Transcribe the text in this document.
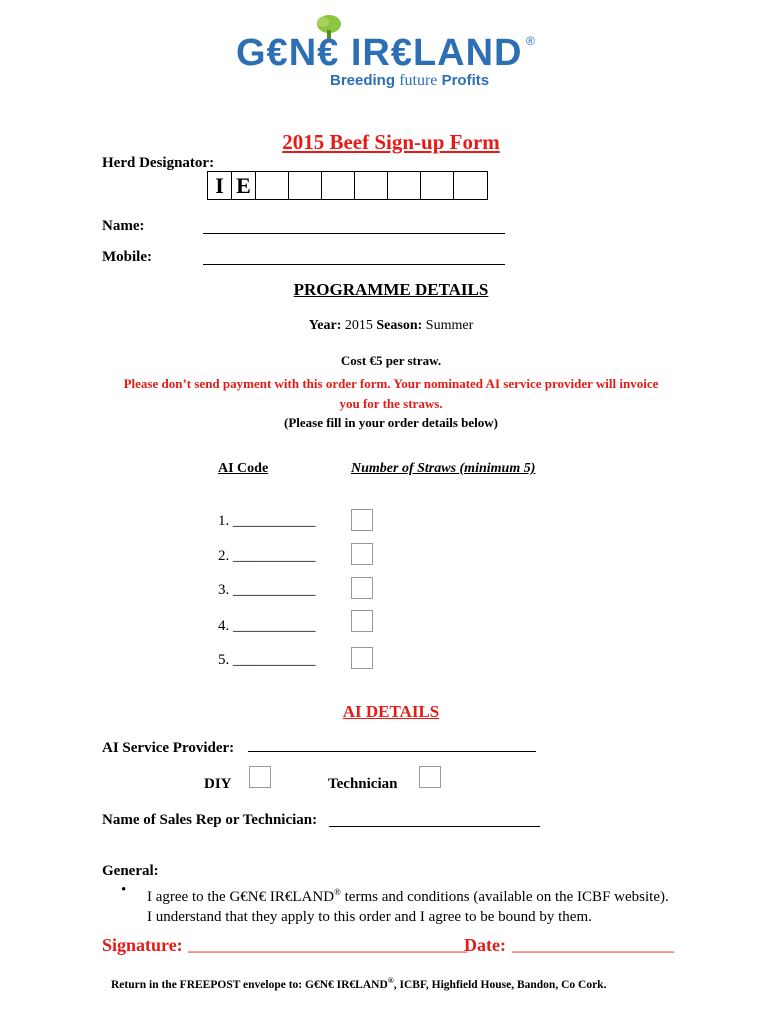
G€N€ IR€LAND ®
Breeding future Profits
2015 Beef Sign-up Form
Herd Designator:
I E
Name:
Mobile:
PROGRAMME DETAILS
Year: 2015 Season: Summer
Cost €5 per straw.
Please don’t send payment with this order form. Your nominated AI service provider will invoice
you for the straws.
(Please fill in your order details below)
AI Code	Number of Straws (minimum 5)
1. ___________
2. ___________
3. ___________
4. ___________
5. ___________
AI DETAILS
AI Service Provider:
DIY	Technician
Name of Sales Rep or Technician:
General:
• I agree to the G€N€ IR€LAND® terms and conditions (available on the ICBF website).
I understand that they apply to this order and I agree to be bound by them.
Signature: _______________________________
Date: __________________
Return in the FREEPOST envelope to: G€N€ IR€LAND®, ICBF, Highfield House, Bandon, Co Cork.
